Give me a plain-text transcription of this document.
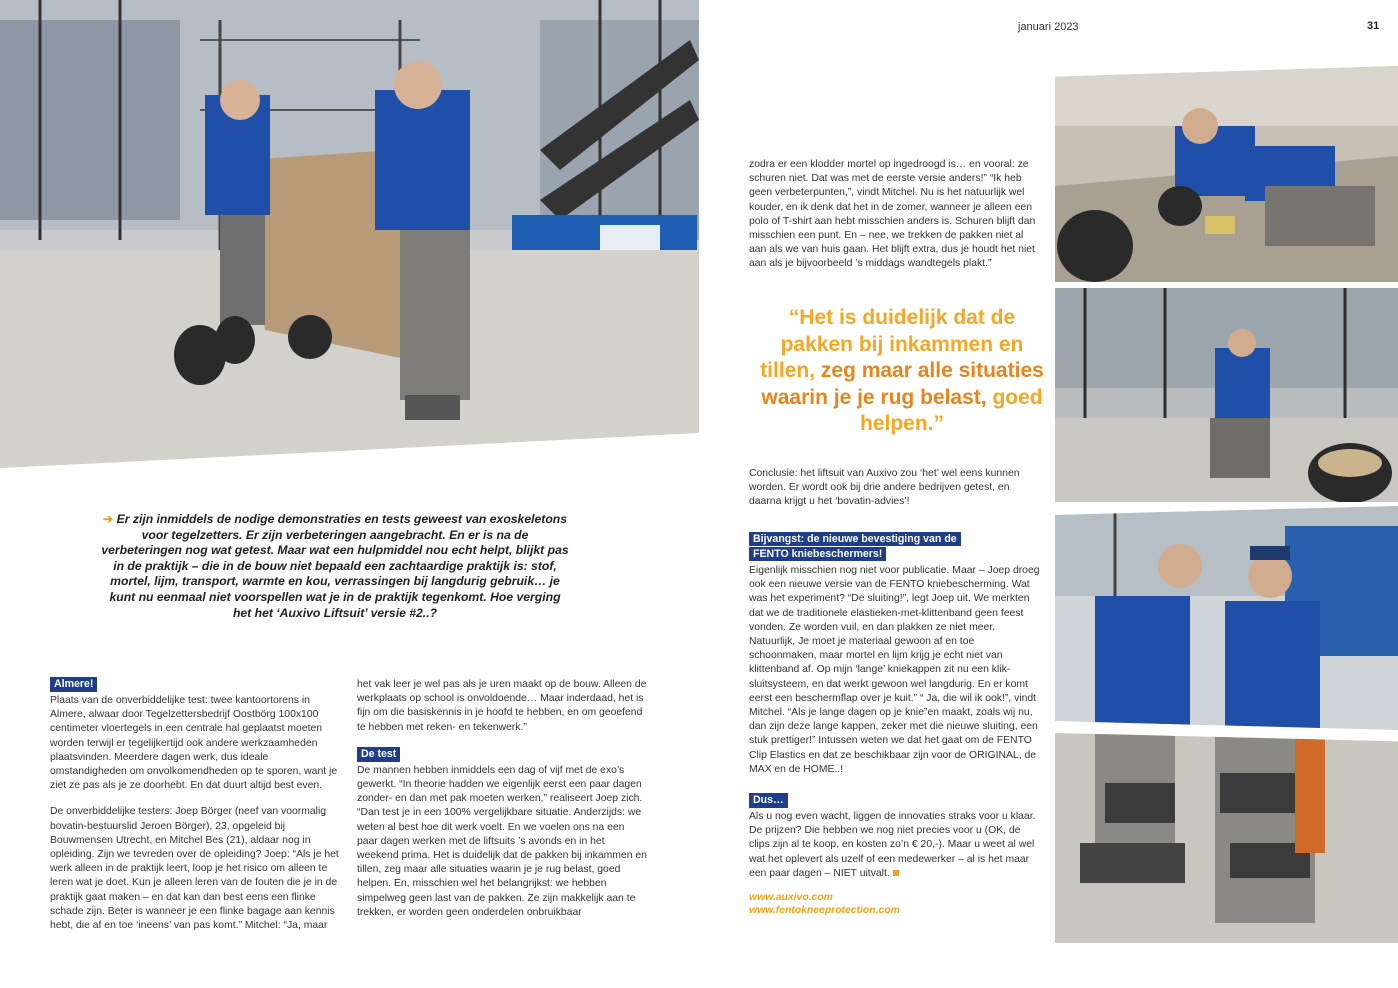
januari 2023	31
➔ Er zijn inmiddels de nodige demonstraties en tests geweest van exoskeletons voor tegelzetters. Er zijn verbeteringen aangebracht. En er is na de verbeteringen nog wat getest. Maar wat een hulpmiddel nou echt helpt, blijkt pas in de praktijk – die in de bouw niet bepaald een zachtaardige praktijk is: stof, mortel, lijm, transport, warmte en kou, verrassingen bij langdurig gebruik… je kunt nu eenmaal niet voorspellen wat je in de praktijk tegenkomt. Hoe verging het het ‘Auxivo Liftsuit’ versie #2..?
Almere!

Plaats van de onverbiddelijke test: twee kantoortorens in Almere, alwaar door Tegelzettersbedrijf Oostbörg 100x100 centimeter vloertegels in een centrale hal geplaatst moeten worden terwijl er tegelijkertijd ook andere werkzaamheden plaatsvinden. Meerdere dagen werk, dus ideale omstandigheden om onvolkomendheden op te sporen, want je ziet ze pas als je ze doorhebt. En dat duurt altijd best even.

De onverbiddelijke testers: Joep Börger (neef van voormalig bovatin-bestuurslid Jeroen Börger), 23, opgeleid bij Bouwmensen Utrecht, en Mitchel Bes (21), aldaar nog in opleiding. Zijn we tevreden over de opleiding? Joep: “Als je het werk alleen in de praktijk leert, loop je het risico om alleen te leren wat je doet. Kun je alleen leren van de fouten die je in de praktijk gaat maken – en dat kan dan best eens een flinke schade zijn. Beter is wanneer je een flinke bagage aan kennis hebt, die af en toe ‘ineens’ van pas komt.” Mitchel: “Ja, maar

het vak leer je wel pas als je uren maakt op de bouw. Alleen de werkplaats op school is onvoldoende… Maar inderdaad, het is fijn om die basiskennis in je hoofd te hebben, en om geoefend te hebben met reken- en tekenwerk.”

De test

De mannen hebben inmiddels een dag of vijf met de exo’s gewerkt. “In theorie hadden we eigenlijk eerst een paar dagen zonder- en dan met pak moeten werken,” realiseert Joep zich. “Dan test je in een 100% vergelijkbare situatie. Anderzijds: we weten al best hoe dit werk voelt. En we voelen ons na een paar dagen werken met de liftsuits ’s avonds en in het weekend prima. Het is duidelijk dat de pakken bij inkammen en tillen, zeg maar alle situaties waarin je je rug belast, goed helpen. En, misschien wel het belangrijkst: we hebben simpelweg geen last van de pakken. Ze zijn makkelijk aan te trekken, er worden geen onderdelen onbruikbaar

zodra er een klodder mortel op ingedroogd is… en vooral: ze schuren niet. Dat was met de eerste versie anders!” “Ik heb geen verbeterpunten,”, vindt Mitchel. Nu is het natuurlijk wel kouder, en ik denk dat het in de zomer, wanneer je alleen een polo of T-shirt aan hebt misschien anders is. Schuren blijft dan misschien een punt. En – nee, we trekken de pakken niet al aan als we van huis gaan. Het blijft extra, dus je houdt het niet aan als je bijvoorbeeld ’s middags wandtegels plakt.”

“Het is duidelijk dat de pakken bij inkammen en tillen, zeg maar alle situaties waarin je je rug belast, goed helpen.”

Conclusie: het liftsuit van Auxivo zou ‘het’ wel eens kunnen worden. Er wordt ook bij drie andere bedrijven getest, en daarna krijgt u het ‘bovatin-advies’!

Bijvangst: de nieuwe bevestiging van de FENTO kniebeschermers!

Eigenlijk misschien nog niet voor publicatie. Maar – Joep droeg ook een nieuwe versie van de FENTO kniebescherming. Wat was het experiment? “De sluiting!”, legt Joep uit. We merkten dat we de traditionele elastieken-met-klittenband geen feest vonden. Ze worden vuil, en dan plakken ze niet meer. Natuurlijk, Je moet je materiaal gewoon af en toe schoonmaken, maar mortel en lijm krijg je echt niet van klittenband af. Op mijn ‘lange’ kniekappen zit nu een klik-sluitsysteem, en dat werkt gewoon wel langdurig. En er komt eerst een beschermflap over je kuit.” “ Ja, die wil ik ook!”, vindt Mitchel. “Als je lange dagen op je knie”en maakt, zoals wij nu, dan zijn deze lange kappen, zeker met die nieuwe sluiting, een stuk prettiger!” Intussen weten we dat het gaat om de FENTO Clip Elastics en dat ze beschikbaar zijn voor de ORIGINAL, de MAX en de HOME..!

Dus…

Als u nog even wacht, liggen de innovaties straks voor u klaar. De prijzen? Die hebben we nog niet precies voor u (OK, de clips zijn al te koop, en kosten zo’n € 20,-). Maar u weet al wel wat het oplevert als uzelf of een medewerker – al is het maar een paar dagen – NIET uitvalt.

www.auxivo.com
www.fentokneeprotection.com
